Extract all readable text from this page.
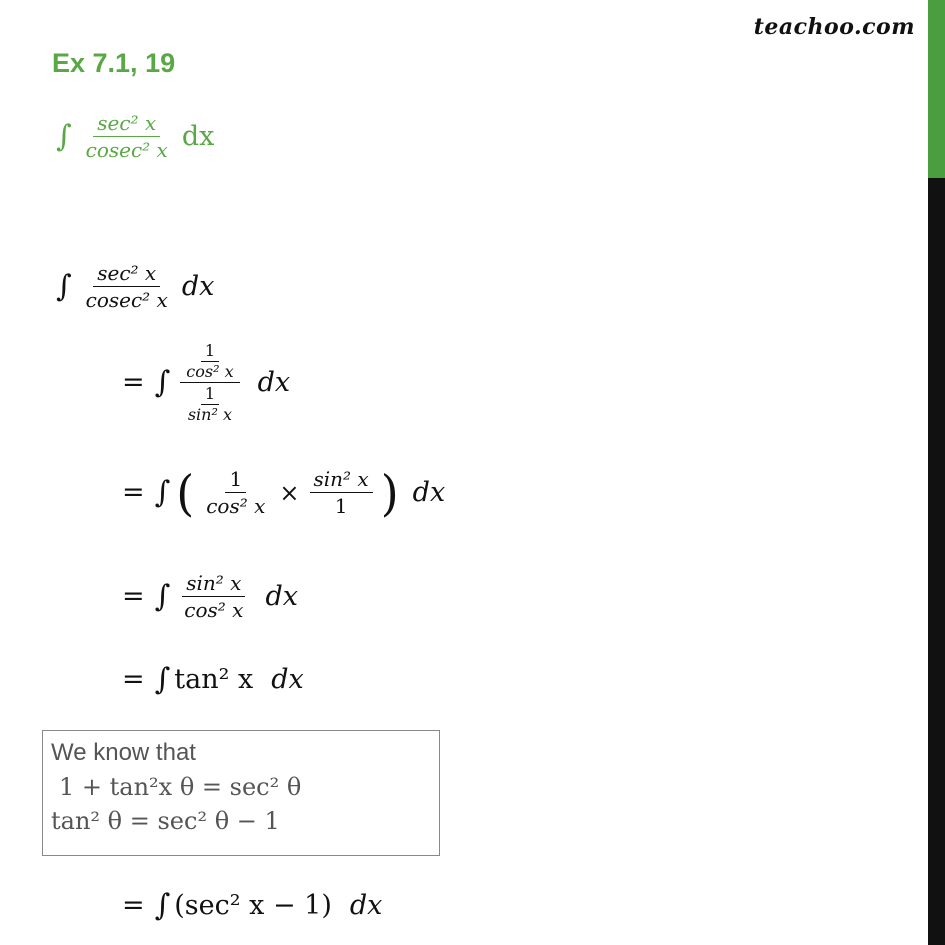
teachoo.com
Ex 7.1, 19
∫ $\frac{\text{sec² x}}{\text{cosec² x}}$ dx
∫ $\frac{\text{sec² x}}{\text{cosec² x}}$ dx
= ∫ $\frac{\frac{1}{\text{cos² x}}}{\frac{1}{\text{sin² x}}}$ dx
= ∫ ( $\frac{1}{\text{cos² x}} \times \frac{\text{sin² x}}{1}$ ) dx
= ∫ $\frac{\text{sin² x}}{\text{cos² x}}$ dx
= ∫ tan² x dx
We know that
1 + tan²x θ = sec² θ
tan² θ = sec² θ − 1
= ∫ (sec² x − 1) dx
